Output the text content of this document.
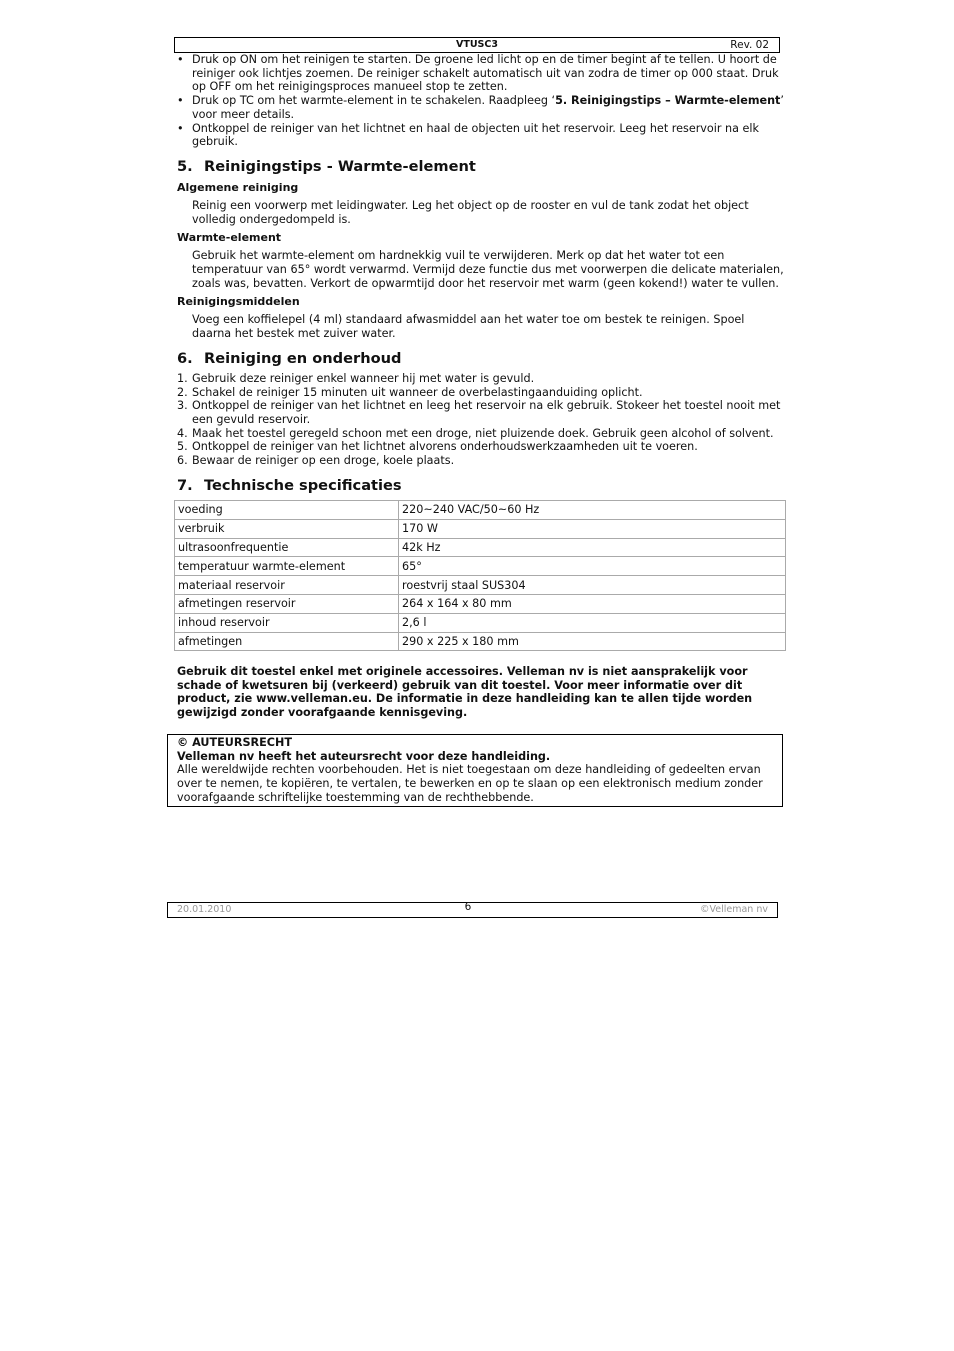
VTUSC3	Rev. 02
• Druk op ON om het reinigen te starten. De groene led licht op en de timer begint af te tellen. U hoort de reiniger ook lichtjes zoemen. De reiniger schakelt automatisch uit van zodra de timer op 000 staat. Druk op OFF om het reinigingsproces manueel stop te zetten.
• Druk op TC om het warmte-element in te schakelen. Raadpleeg ‘5. Reinigingstips – Warmte-element’ voor meer details.
• Ontkoppel de reiniger van het lichtnet en haal de objecten uit het reservoir. Leeg het reservoir na elk gebruik.
5. Reinigingstips - Warmte-element
Algemene reiniging

Reinig een voorwerp met leidingwater. Leg het object op de rooster en vul de tank zodat het object volledig ondergedompeld is.

Warmte-element

Gebruik het warmte-element om hardnekkig vuil te verwijderen. Merk op dat het water tot een temperatuur van 65° wordt verwarmd. Vermijd deze functie dus met voorwerpen die delicate materialen, zoals was, bevatten. Verkort de opwarmtijd door het reservoir met warm (geen kokend!) water te vullen.

Reinigingsmiddelen

Voeg een koffielepel (4 ml) standaard afwasmiddel aan het water toe om bestek te reinigen. Spoel daarna het bestek met zuiver water.

6. Reiniging en onderhoud
1. Gebruik deze reiniger enkel wanneer hij met water is gevuld.
2. Schakel de reiniger 15 minuten uit wanneer de overbelastingaanduiding oplicht.
3. Ontkoppel de reiniger van het lichtnet en leeg het reservoir na elk gebruik. Stokeer het toestel nooit met een gevuld reservoir.
4. Maak het toestel geregeld schoon met een droge, niet pluizende doek. Gebruik geen alcohol of solvent.
5. Ontkoppel de reiniger van het lichtnet alvorens onderhoudswerkzaamheden uit te voeren.
6. Bewaar de reiniger op een droge, koele plaats.
7. Technische specificaties
voeding	220~240 VAC/50~60 Hz
verbruik	170 W
ultrasoonfrequentie	42k Hz
temperatuur warmte-element	65°
materiaal reservoir	roestvrij staal SUS304
afmetingen reservoir	264 x 164 x 80 mm
inhoud reservoir	2,6 l
afmetingen	290 x 225 x 180 mm
Gebruik dit toestel enkel met originele accessoires. Velleman nv is niet aansprakelijk voor schade of kwetsuren bij (verkeerd) gebruik van dit toestel. Voor meer informatie over dit product, zie www.velleman.eu. De informatie in deze handleiding kan te allen tijde worden gewijzigd zonder voorafgaande kennisgeving.
© AUTEURSRECHT
Velleman nv heeft het auteursrecht voor deze handleiding.
Alle wereldwijde rechten voorbehouden. Het is niet toegestaan om deze handleiding of gedeelten ervan over te nemen, te kopiëren, te vertalen, te bewerken en op te slaan op een elektronisch medium zonder voorafgaande schriftelijke toestemming van de rechthebbende.
20.01.2010	6	©Velleman nv
